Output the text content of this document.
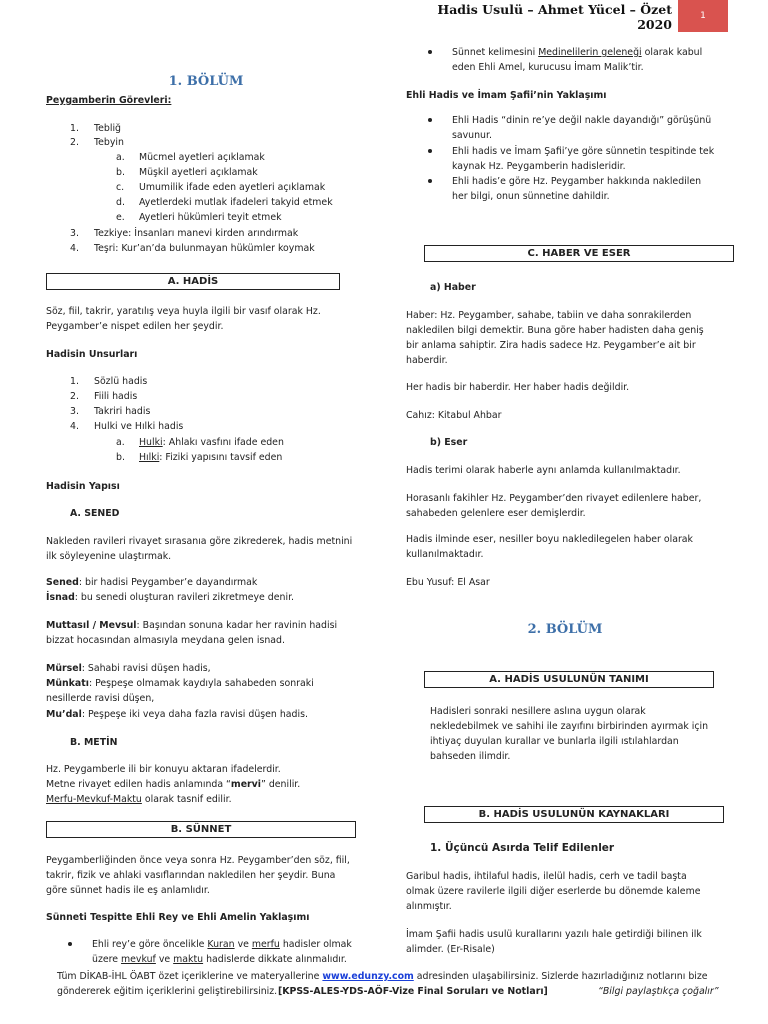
Hadis Usulü – Ahmet Yücel – Özet
2020
1
1. BÖLÜM
Peygamberin Görevleri:
1. Tebliğ
2. Tebyin
a. Mücmel ayetleri açıklamak
b. Müşkil ayetleri açıklamak
c. Umumilik ifade eden ayetleri açıklamak
d. Ayetlerdeki mutlak ifadeleri takyid etmek
e. Ayetleri hükümleri teyit etmek
3. Tezkiye: İnsanları manevi kirden arındırmak
4. Teşri: Kur’an’da bulunmayan hükümler koymak
A. HADİS
Söz, fiil, takrir, yaratılış veya huyla ilgili bir vasıf olarak Hz.
Peygamber’e nispet edilen her şeydir.
Hadisin Unsurları
1. Sözlü hadis
2. Fiili hadis
3. Takriri hadis
4. Hulki ve Hılki hadis
a. Hulki: Ahlakı vasfını ifade eden
b. Hılki: Fiziki yapısını tavsif eden
Hadisin Yapısı
A. SENED
Nakleden ravileri rivayet sırasanıa göre zikrederek, hadis metnini
ilk söyleyenine ulaştırmak.
Sened: bir hadisi Peygamber’e dayandırmak
İsnad: bu senedi oluşturan ravileri zikretmeye denir.
Muttasıl / Mevsul: Başından sonuna kadar her ravinin hadisi
bizzat hocasından almasıyla meydana gelen isnad.
Mürsel: Sahabi ravisi düşen hadis,
Münkatı: Peşpeşe olmamak kaydıyla sahabeden sonraki
nesillerde ravisi düşen,
Mu’dal: Peşpeşe iki veya daha fazla ravisi düşen hadis.
B. METİN
Hz. Peygamberle ili bir konuyu aktaran ifadelerdir.
Metne rivayet edilen hadis anlamında “mervi” denilir.
Merfu-Mevkuf-Maktu olarak tasnif edilir.
B. SÜNNET
Peygamberliğinden önce veya sonra Hz. Peygamber’den söz, fiil,
takrir, fizik ve ahlaki vasıflarından nakledilen her şeydir. Buna
göre sünnet hadis ile eş anlamlıdır.
Sünneti Tespitte Ehli Rey ve Ehli Amelin Yaklaşımı
Ehli rey’e göre öncelikle Kuran ve merfu hadisler olmak
üzere mevkuf ve maktu hadislerde dikkate alınmalıdır.
Sünnet kelimesini Medinelilerin geleneği olarak kabul
eden Ehli Amel, kurucusu İmam Malik’tir.
Ehli Hadis ve İmam Şafii’nin Yaklaşımı
Ehli Hadis “dinin re’ye değil nakle dayandığı” görüşünü
savunur.
Ehli hadis ve İmam Şafii’ye göre sünnetin tespitinde tek
kaynak Hz. Peygamberin hadisleridir.
Ehli hadis’e göre Hz. Peygamber hakkında nakledilen
her bilgi, onun sünnetine dahildir.
C. HABER VE ESER
a) Haber
Haber: Hz. Peygamber, sahabe, tabiin ve daha sonrakilerden
nakledilen bilgi demektir. Buna göre haber hadisten daha geniş
bir anlama sahiptir. Zira hadis sadece Hz. Peygamber’e ait bir
haberdir.
Her hadis bir haberdir. Her haber hadis değildir.
Cahız: Kitabul Ahbar
b) Eser
Hadis terimi olarak haberle aynı anlamda kullanılmaktadır.
Horasanlı fakihler Hz. Peygamber’den rivayet edilenlere haber,
sahabeden gelenlere eser demişlerdir.
Hadis ilminde eser, nesiller boyu nakledilegelen haber olarak
kullanılmaktadır.
Ebu Yusuf: El Asar
2. BÖLÜM
A. HADİS USULUNÜN TANIMI
Hadisleri sonraki nesillere aslına uygun olarak
nekledebilmek ve sahihi ile zayıfını birbirinden ayırmak için
ihtiyaç duyulan kurallar ve bunlarla ilgili ıstılahlardan
bahseden ilimdir.
B. HADİS USULUNÜN KAYNAKLARI
1. Üçüncü Asırda Telif Edilenler
Garibul hadis, ihtilaful hadis, ilelül hadis, cerh ve tadil başta
olmak üzere ravilerle ilgili diğer eserlerde bu dönemde kaleme
alınmıştır.
İmam Şafii hadis usulü kurallarını yazılı hale getirdiği bilinen ilk
alimder. (Er-Risale)
Tüm DİKAB-İHL ÖABT özet içeriklerine ve materyallerine www.edunzy.com adresinden ulaşabilirsiniz. Sizlerde hazırladığınız notlarını bize
göndererek eğitim içeriklerini geliştirebilirsiniz. [KPSS-ALES-YDS-AÖF-Vize Final Soruları ve Notları]	“Bilgi paylaştıkça çoğalır”
